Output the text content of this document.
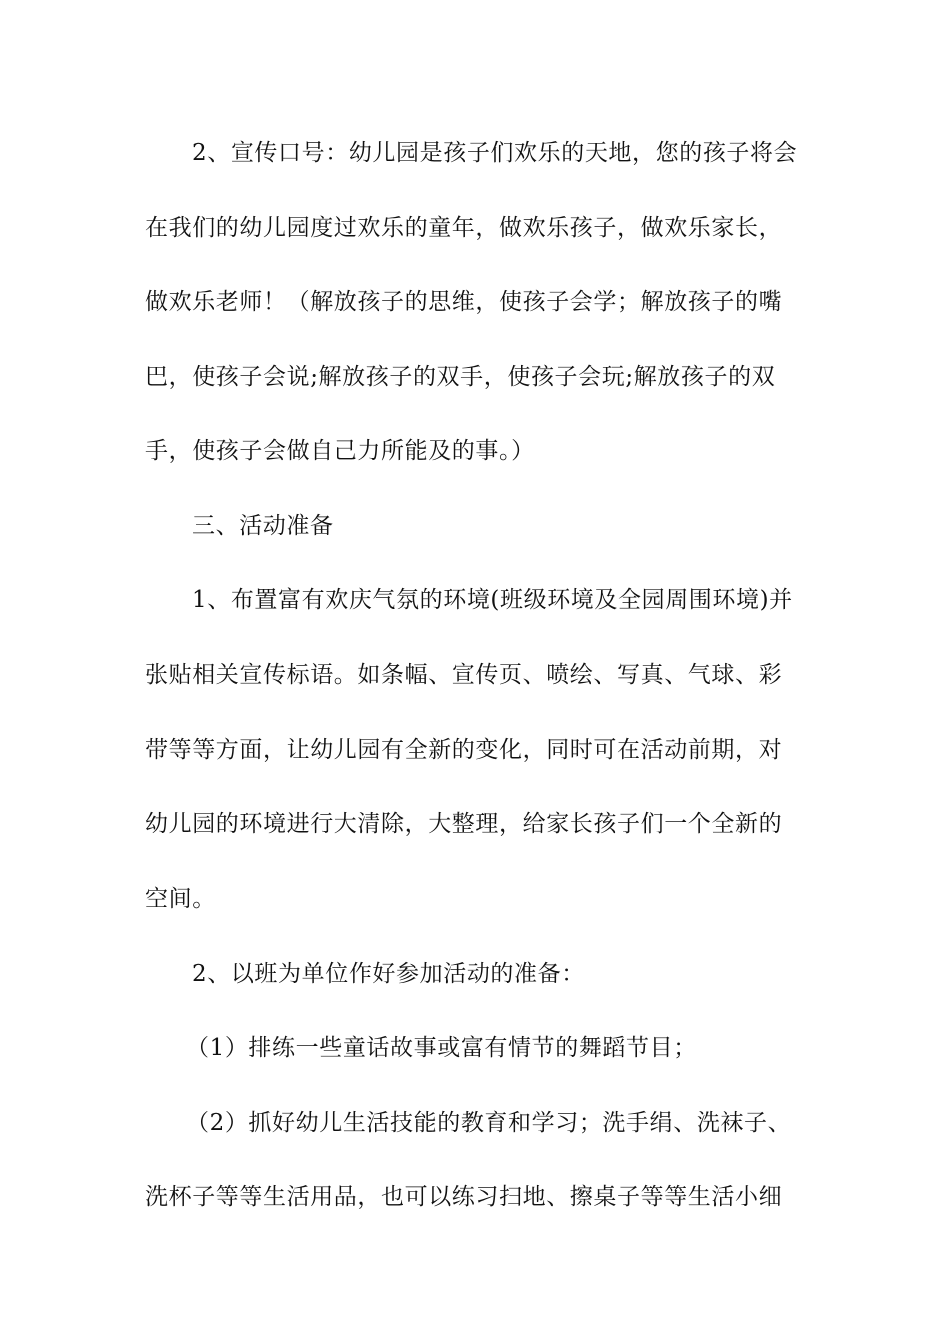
2、宣传口号：幼儿园是孩子们欢乐的天地，您的孩子将会
在我们的幼儿园度过欢乐的童年，做欢乐孩子，做欢乐家长，
做欢乐老师！（解放孩子的思维，使孩子会学；解放孩子的嘴
巴，使孩子会说;解放孩子的双手，使孩子会玩;解放孩子的双
手，使孩子会做自己力所能及的事。）
三、活动准备
1、布置富有欢庆气氛的环境(班级环境及全园周围环境)并
张贴相关宣传标语。如条幅、宣传页、喷绘、写真、气球、彩
带等等方面，让幼儿园有全新的变化，同时可在活动前期，对
幼儿园的环境进行大清除，大整理，给家长孩子们一个全新的
空间。
2、以班为单位作好参加活动的准备：
（1）排练一些童话故事或富有情节的舞蹈节目；
（2）抓好幼儿生活技能的教育和学习；洗手绢、洗袜子、
洗杯子等等生活用品，也可以练习扫地、擦桌子等等生活小细
